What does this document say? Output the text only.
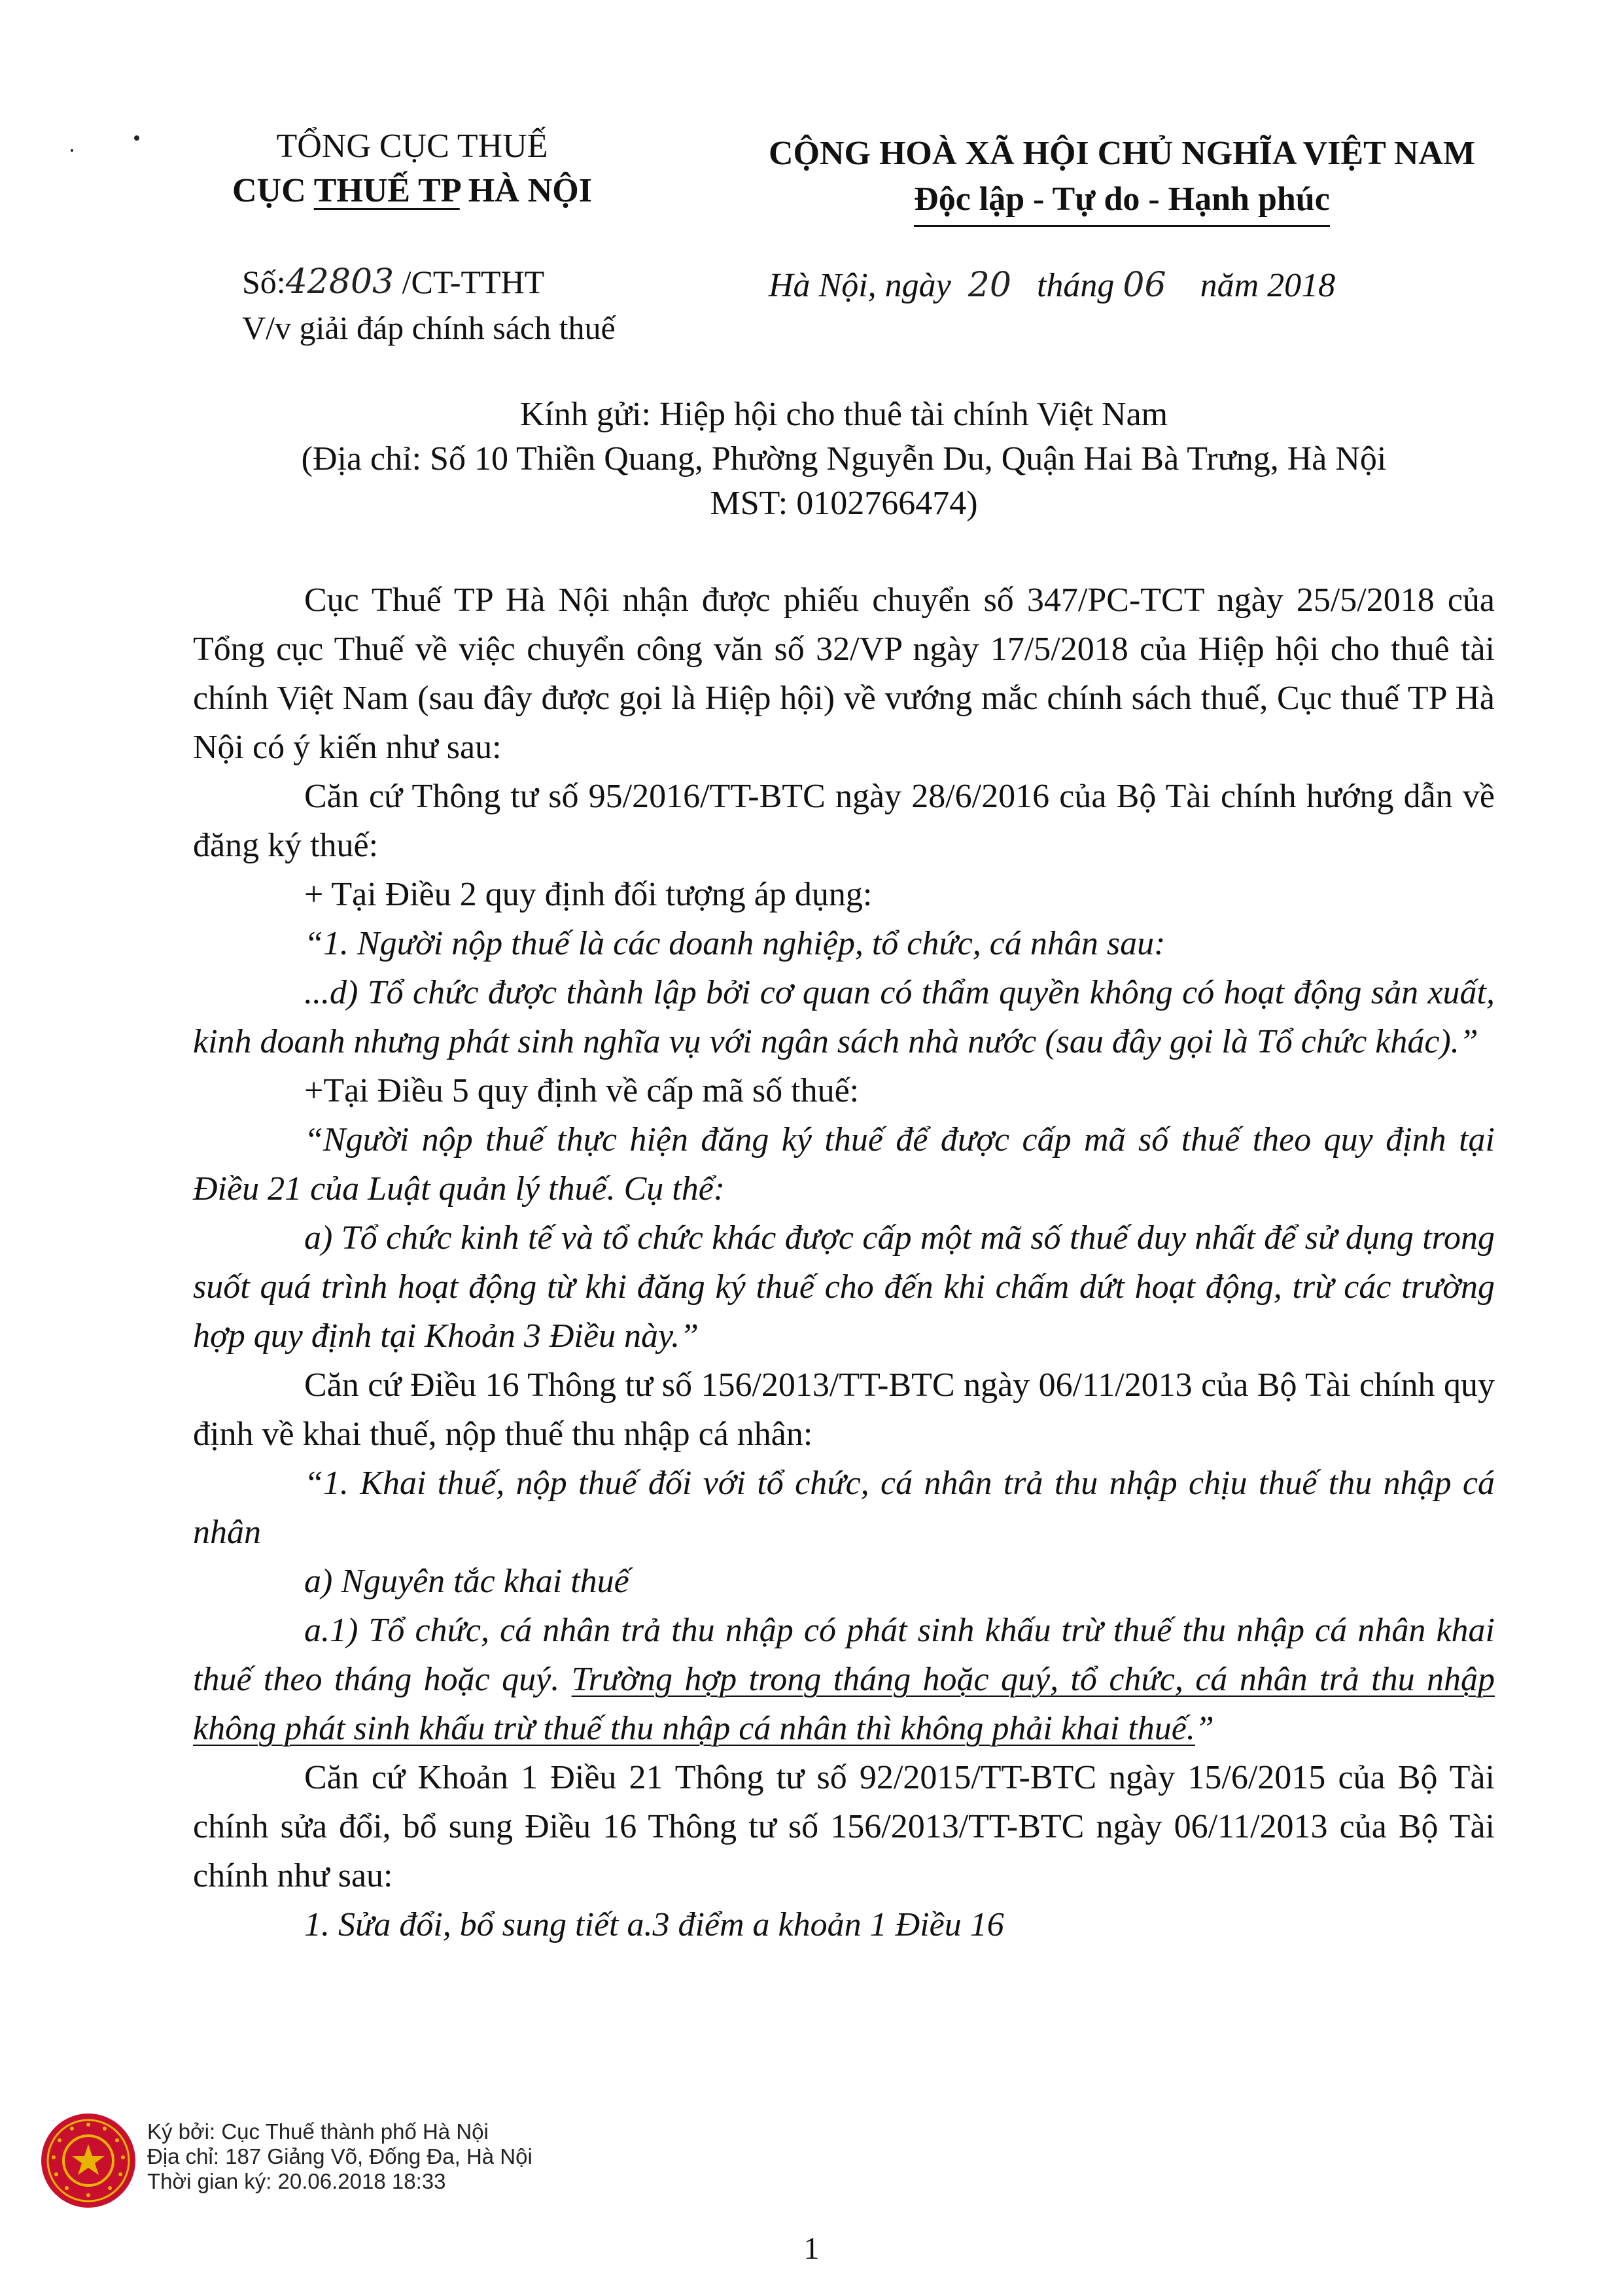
TỔNG CỤC THUẾ
CỤC THUẾ TP HÀ NỘI
CỘNG HOÀ XÃ HỘI CHỦ NGHĨA VIỆT NAM
Độc lập - Tự do - Hạnh phúc
Số:42803 /CT-TTHT
V/v giải đáp chính sách thuế
Hà Nội, ngày 20 tháng 06 năm 2018
Kính gửi: Hiệp hội cho thuê tài chính Việt Nam
(Địa chỉ: Số 10 Thiền Quang, Phường Nguyễn Du, Quận Hai Bà Trưng, Hà Nội
MST: 0102766474)

Cục Thuế TP Hà Nội nhận được phiếu chuyển số 347/PC-TCT ngày 25/5/2018 của Tổng cục Thuế về việc chuyển công văn số 32/VP ngày 17/5/2018 của Hiệp hội cho thuê tài chính Việt Nam (sau đây được gọi là Hiệp hội) về vướng mắc chính sách thuế, Cục thuế TP Hà Nội có ý kiến như sau:

Căn cứ Thông tư số 95/2016/TT-BTC ngày 28/6/2016 của Bộ Tài chính hướng dẫn về đăng ký thuế:

+ Tại Điều 2 quy định đối tượng áp dụng:

“1. Người nộp thuế là các doanh nghiệp, tổ chức, cá nhân sau:

...d) Tổ chức được thành lập bởi cơ quan có thẩm quyền không có hoạt động sản xuất, kinh doanh nhưng phát sinh nghĩa vụ với ngân sách nhà nước (sau đây gọi là Tổ chức khác).”

+Tại Điều 5 quy định về cấp mã số thuế:

“Người nộp thuế thực hiện đăng ký thuế để được cấp mã số thuế theo quy định tại Điều 21 của Luật quản lý thuế. Cụ thể:

a) Tổ chức kinh tế và tổ chức khác được cấp một mã số thuế duy nhất để sử dụng trong suốt quá trình hoạt động từ khi đăng ký thuế cho đến khi chấm dứt hoạt động, trừ các trường hợp quy định tại Khoản 3 Điều này.”

Căn cứ Điều 16 Thông tư số 156/2013/TT-BTC ngày 06/11/2013 của Bộ Tài chính quy định về khai thuế, nộp thuế thu nhập cá nhân:

“1. Khai thuế, nộp thuế đối với tổ chức, cá nhân trả thu nhập chịu thuế thu nhập cá nhân

a) Nguyên tắc khai thuế

a.1) Tổ chức, cá nhân trả thu nhập có phát sinh khấu trừ thuế thu nhập cá nhân khai thuế theo tháng hoặc quý. Trường hợp trong tháng hoặc quý, tổ chức, cá nhân trả thu nhập không phát sinh khấu trừ thuế thu nhập cá nhân thì không phải khai thuế.”

Căn cứ Khoản 1 Điều 21 Thông tư số 92/2015/TT-BTC ngày 15/6/2015 của Bộ Tài chính sửa đổi, bổ sung Điều 16 Thông tư số 156/2013/TT-BTC ngày 06/11/2013 của Bộ Tài chính như sau:

1. Sửa đổi, bổ sung tiết a.3 điểm a khoản 1 Điều 16

Ký bởi: Cục Thuế thành phố Hà Nội
Địa chỉ: 187 Giảng Võ, Đống Đa, Hà Nội
Thời gian ký: 20.06.2018 18:33
1
